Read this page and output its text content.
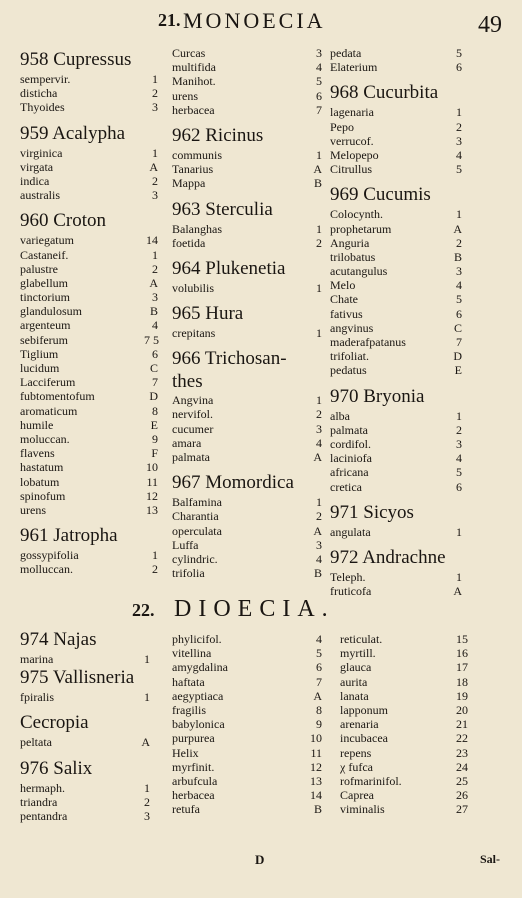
21. MONOECIA	49
958 Cupressus
sempervir.	1
disticha	2
Thyoides	3
959 Acalypha
virginica	1
virgata	A
indica	2
australis	3
960 Croton
variegatum	14
Castaneif.	1
palustre	2
glabellum	A
tinctorium	3
glandulosum	B
argenteum	4
sebiferum	7 5
Tiglium	6
lucidum	C
Lacciferum	7
fubtomentofum	D
aromaticum	8
humile	E
moluccan.	9
flavens	F
hastatum	10
lobatum	11
spinofum	12
urens	13
961 Jatropha
gossypifolia	1
molluccan.	2
Curcas	3
multifida	4
Manihot.	5
urens	6
herbacea	7
962 Ricinus
communis	1
Tanarius	A
Mappa	B
963 Sterculia
Balanghas	1
foetida	2
964 Plukenetia
volubilis	1
965 Hura
crepitans	1
966 Trichosan-
thes
Angvina	1
nervifol.	2
cucumer	3
amara	4
palmata	A
967 Momordica
Balfamina	1
Charantia	2
operculata	A
Luffa	3
cylindric.	4
trifolia	B
pedata	5
Elaterium	6
968 Cucurbita
lagenaria	1
Pepo	2
verrucof.	3
Melopepo	4
Citrullus	5
969 Cucumis
Colocynth.	1
prophetarum	A
Anguria	2
trilobatus	B
acutangulus	3
Melo	4
Chate	5
fativus	6
angvinus	C
maderafpatanus	7
trifoliat.	D
pedatus	E
970 Bryonia
alba	1
palmata	2
cordifol.	3
laciniofa	4
africana	5
cretica	6
971 Sicyos
angulata	1
972 Andrachne
Teleph.	1
fruticofa	A
22. DIOECIA.
974 Najas
marina	1
975 Vallisneria
fpiralis	1
Cecropia
peltata	A
976 Salix
hermaph.	1
triandra	2
pentandra	3
phylicifol.	4
vitellina	5
amygdalina	6
haftata	7
aegyptiaca	A
fragilis	8
babylonica	9
purpurea	10
Helix	11
myrfinit.	12
arbufcula	13
herbacea	14
retufa	B
reticulat.	15
myrtill.	16
glauca	17
aurita	18
lanata	19
lapponum	20
arenaria	21
incubacea	22
repens	23
χ fufca	24
rofmarinifol.	25
Caprea	26
viminalis	27
D	Sal-
